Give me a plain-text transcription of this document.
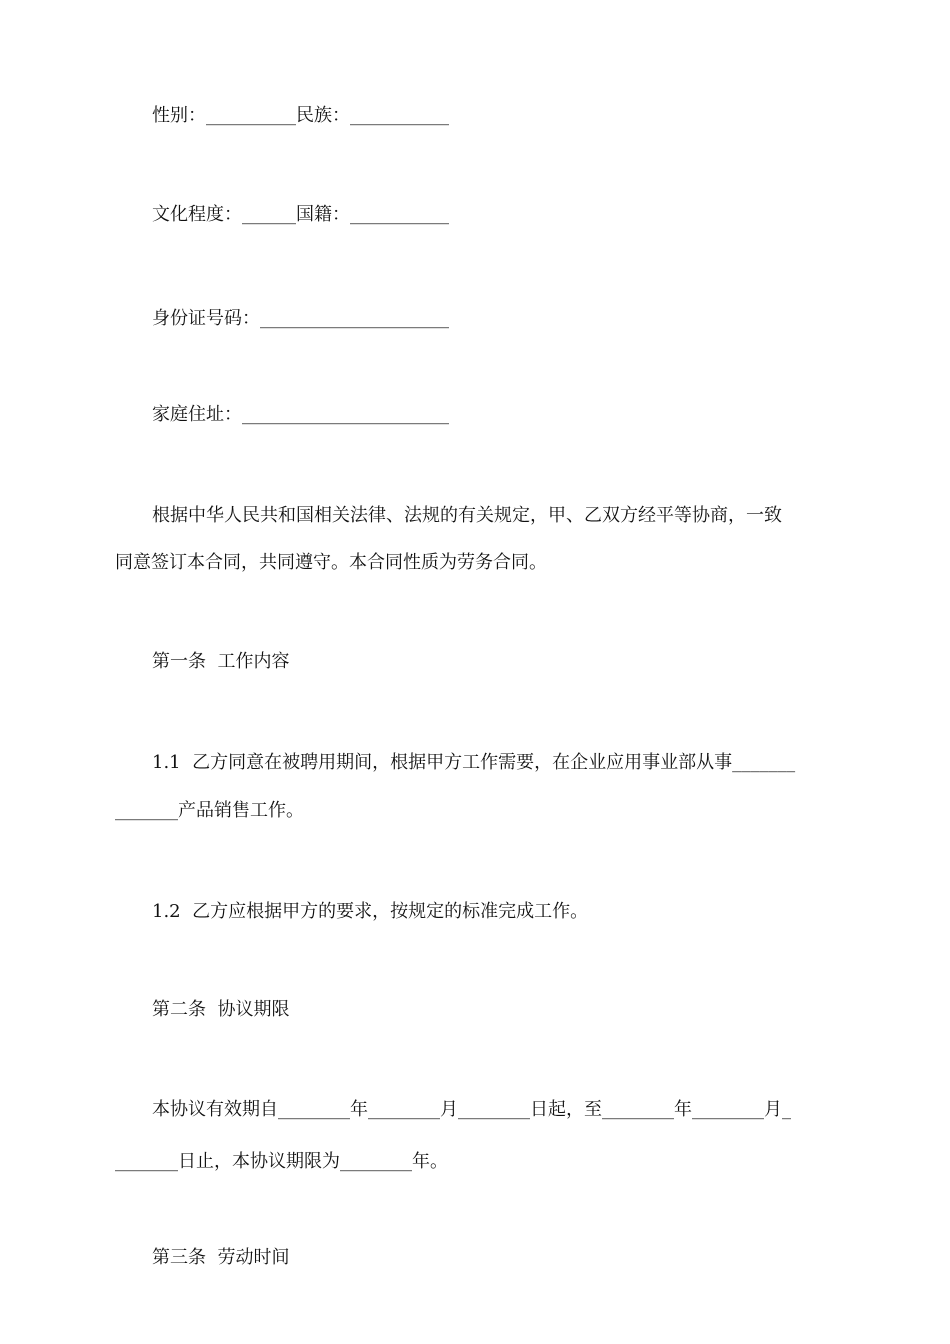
性别：__________民族：___________
文化程度：______国籍：___________
身份证号码：_____________________
家庭住址：_______________________
根据中华人民共和国相关法律、法规的有关规定，甲、乙双方经平等协商，一致
同意签订本合同，共同遵守。本合同性质为劳务合同。
第一条  工作内容
1.1  乙方同意在被聘用期间，根据甲方工作需要，在企业应用事业部从事_______
_______产品销售工作。
1.2  乙方应根据甲方的要求，按规定的标准完成工作。
第二条  协议期限
本协议有效期自________年________月________日起，至________年________月_
_______日止，本协议期限为________年。
第三条  劳动时间
